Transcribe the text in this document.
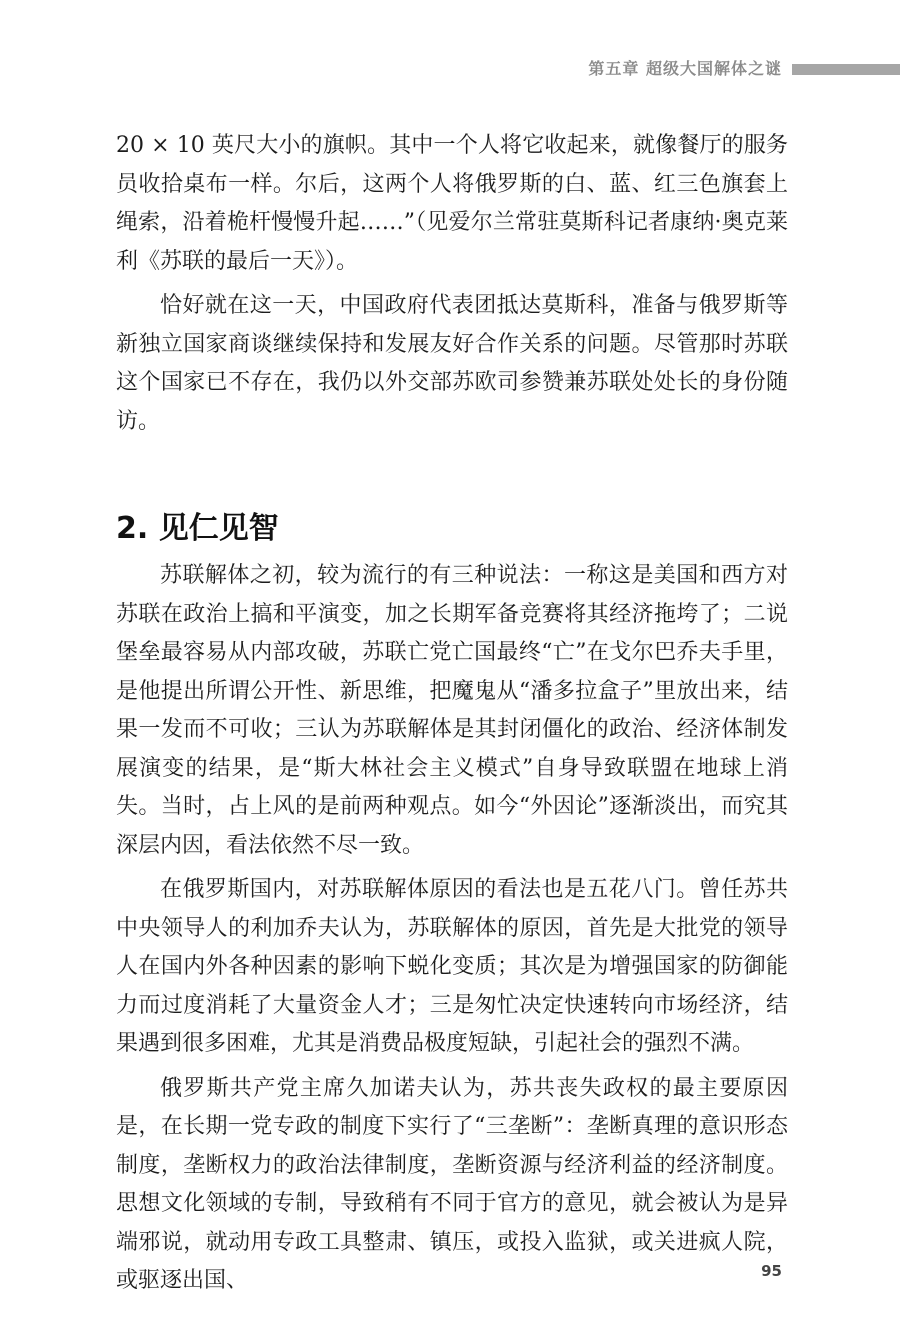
第五章 超级大国解体之谜

20 × 10 英尺大小的旗帜。其中一个人将它收起来，就像餐厅的服务员收拾桌布一样。尔后，这两个人将俄罗斯的白、蓝、红三色旗套上绳索，沿着桅杆慢慢升起……”（见爱尔兰常驻莫斯科记者康纳·奥克莱利《苏联的最后一天》）。

恰好就在这一天，中国政府代表团抵达莫斯科，准备与俄罗斯等新独立国家商谈继续保持和发展友好合作关系的问题。尽管那时苏联这个国家已不存在，我仍以外交部苏欧司参赞兼苏联处处长的身份随访。

2. 见仁见智

苏联解体之初，较为流行的有三种说法：一称这是美国和西方对苏联在政治上搞和平演变，加之长期军备竞赛将其经济拖垮了；二说堡垒最容易从内部攻破，苏联亡党亡国最终“亡”在戈尔巴乔夫手里，是他提出所谓公开性、新思维，把魔鬼从“潘多拉盒子”里放出来，结果一发而不可收；三认为苏联解体是其封闭僵化的政治、经济体制发展演变的结果，是“斯大林社会主义模式”自身导致联盟在地球上消失。当时，占上风的是前两种观点。如今“外因论”逐渐淡出，而究其深层内因，看法依然不尽一致。

在俄罗斯国内，对苏联解体原因的看法也是五花八门。曾任苏共中央领导人的利加乔夫认为，苏联解体的原因，首先是大批党的领导人在国内外各种因素的影响下蜕化变质；其次是为增强国家的防御能力而过度消耗了大量资金人才；三是匆忙决定快速转向市场经济，结果遇到很多困难，尤其是消费品极度短缺，引起社会的强烈不满。

俄罗斯共产党主席久加诺夫认为，苏共丧失政权的最主要原因是，在长期一党专政的制度下实行了“三垄断”：垄断真理的意识形态制度，垄断权力的政治法律制度，垄断资源与经济利益的经济制度。思想文化领域的专制，导致稍有不同于官方的意见，就会被认为是异端邪说，就动用专政工具整肃、镇压，或投入监狱，或关进疯人院，或驱逐出国、	95
